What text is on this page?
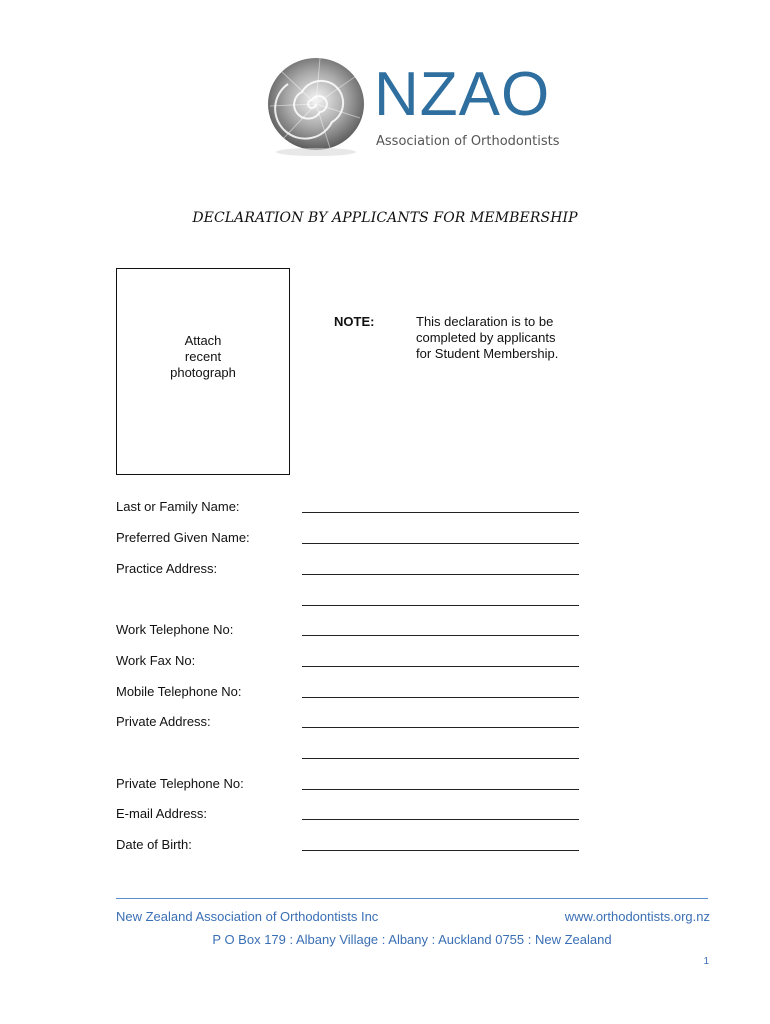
NZAO
Association of Orthodontists
DECLARATION BY APPLICANTS FOR MEMBERSHIP
Attach
recent
photograph
NOTE:	This declaration is to be
completed by applicants
for Student Membership.
Last or Family Name:
Preferred Given Name:
Practice Address:
Work Telephone No:
Work Fax No:
Mobile Telephone No:
Private Address:
Private Telephone No:
E-mail Address:
Date of Birth:
New Zealand Association of Orthodontists Inc	www.orthodontists.org.nz
P O Box 179 : Albany Village : Albany : Auckland 0755 : New Zealand
1
